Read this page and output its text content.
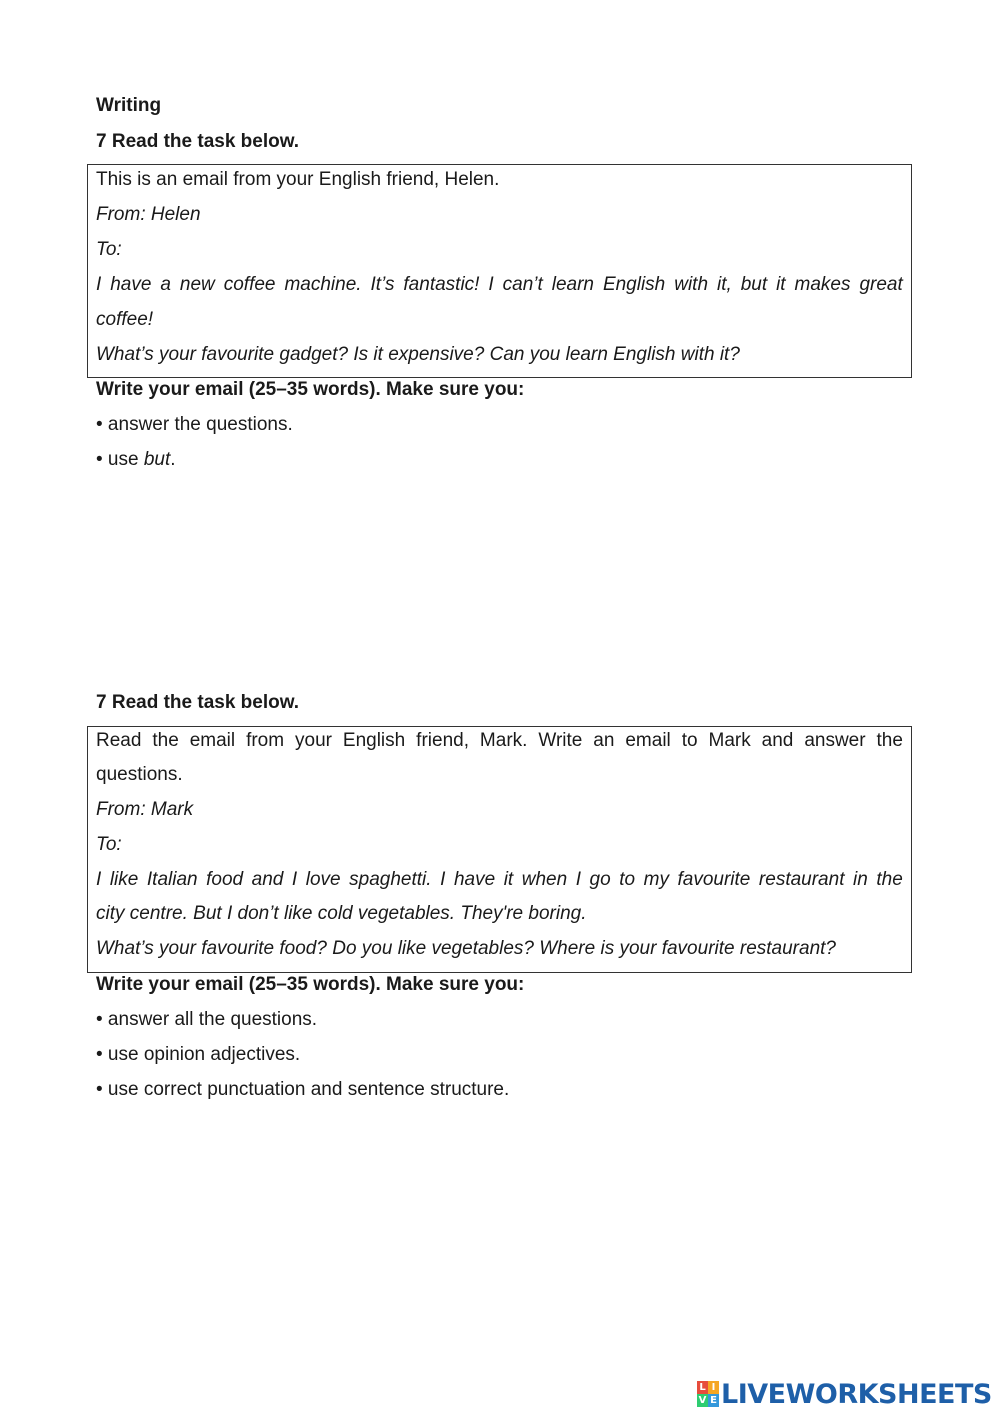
Writing
7 Read the task below.
This is an email from your English friend, Helen.
From: Helen
To:
I have a new coffee machine. It’s fantastic! I can’t learn English with it, but it makes great
coffee!
What’s your favourite gadget? Is it expensive? Can you learn English with it?
Write your email (25–35 words). Make sure you:
• answer the questions.
• use but.
7 Read the task below.
Read the email from your English friend, Mark. Write an email to Mark and answer the
questions.
From: Mark
To:
I like Italian food and I love spaghetti. I have it when I go to my favourite restaurant in the
city centre. But I don’t like cold vegetables. They're boring.
What’s your favourite food? Do you like vegetables? Where is your favourite restaurant?
Write your email (25–35 words). Make sure you:
• answer all the questions.
• use opinion adjectives.
• use correct punctuation and sentence structure.
L I
V E LIVEWORKSHEETS
